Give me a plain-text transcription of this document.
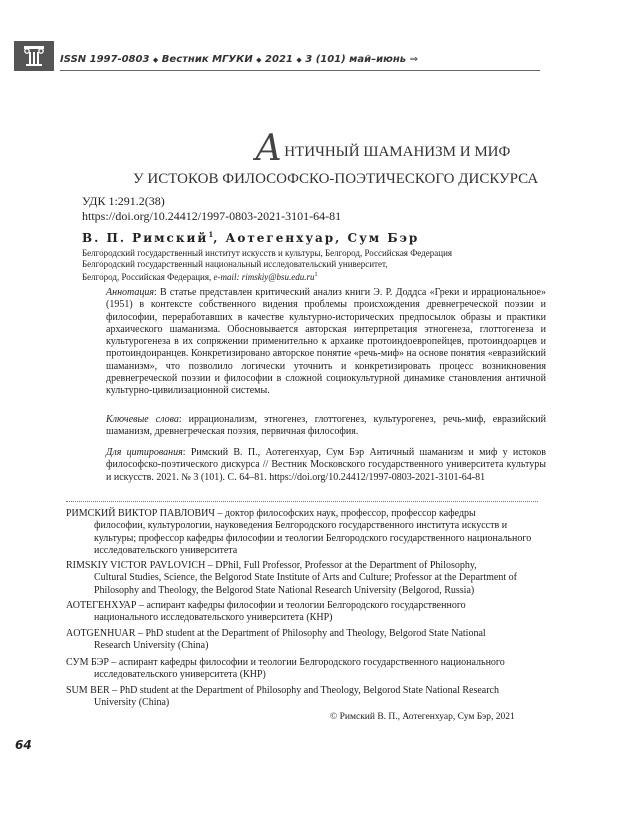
ISSN 1997-0803 ◆ Вестник МГУКИ ◆ 2021 ◆ 3 (101) май–июнь ⇒
АНТИЧНЫЙ ШАМАНИЗМ И МИФ
У ИСТОКОВ ФИЛОСОФСКО-ПОЭТИЧЕСКОГО ДИСКУРСА
УДК 1:291.2(38)
https://doi.org/10.24412/1997-0803-2021-3101-64-81
В. П. Римский$^1$, Аотегенхуар, Сум Бэр
Белгородский государственный институт искусств и культуры, Белгород, Российская Федерация
Белгородский государственный национальный исследовательский университет,
Белгород, Российская Федерация, e-mail: $rimskiy@bsu.edu.ru^1$
Аннотация: В статье представлен критический анализ книги Э. Р. Доддса «Греки и иррациональное» (1951) в контексте собственного видения проблемы происхождения древнегреческой поэзии и философии, переработавших в качестве культурно-исторических предпосылок образы и практики архаического шаманизма. Обосновывается авторская интерпретация этногенеза, глоттогенеза и культурогенеза в их сопряжении применительно к архаике протоиндоевропейцев, протоиндоарцев и протоиндоиранцев. Конкретизировано авторское понятие «речь-миф» на основе понятия «евразийский шаманизм», что позволило логически уточнить и конкретизировать процесс возникновения древнегреческой поэзии и философии в сложной социокультурной динамике становления античной культурно-цивилизационной системы.
Ключевые слова: иррационализм, этногенез, глоттогенез, культурогенез, речь-миф, евразийский шаманизм, древнегреческая поэзия, первичная философия.
Для цитирования: Римский В. П., Аотегенхуар, Сум Бэр Античный шаманизм и миф у истоков философско-поэтического дискурса // Вестник Московского государственного университета культуры и искусств. 2021. № 3 (101). С. 64–81. https://doi.org/10.24412/1997-0803-2021-3101-64-81
РИМСКИЙ ВИКТОР ПАВЛОВИЧ – доктор философских наук, профессор, профессор кафедры
философии, культурологии, науковедения Белгородского государственного института искусств и культуры; профессор кафедры философии и теологии Белгородского государственного национального исследовательского университета
RIMSKIY VICTOR PAVLOVICH – DPhil, Full Professor, Professor at the Department of Philosophy,
Cultural Studies, Science, the Belgorod State Institute of Arts and Culture; Professor at the Department of Philosophy and Theology, the Belgorod State National Research University (Belgorod, Russia)
АОТЕГЕНХУАР – аспирант кафедры философии и теологии Белгородского государственного
национального исследовательского университета (КНР)
AOTGENHUAR – PhD student at the Department of Philosophy and Theology, Belgorod State National
Research University (China)
СУМ БЭР – аспирант кафедры философии и теологии Белгородского государственного национального
исследовательского университета (КНР)
SUM BER – PhD student at the Department of Philosophy and Theology, Belgorod State National Research
University (China)
© Римский В. П., Аотегенхуар, Сум Бэр, 2021
64
